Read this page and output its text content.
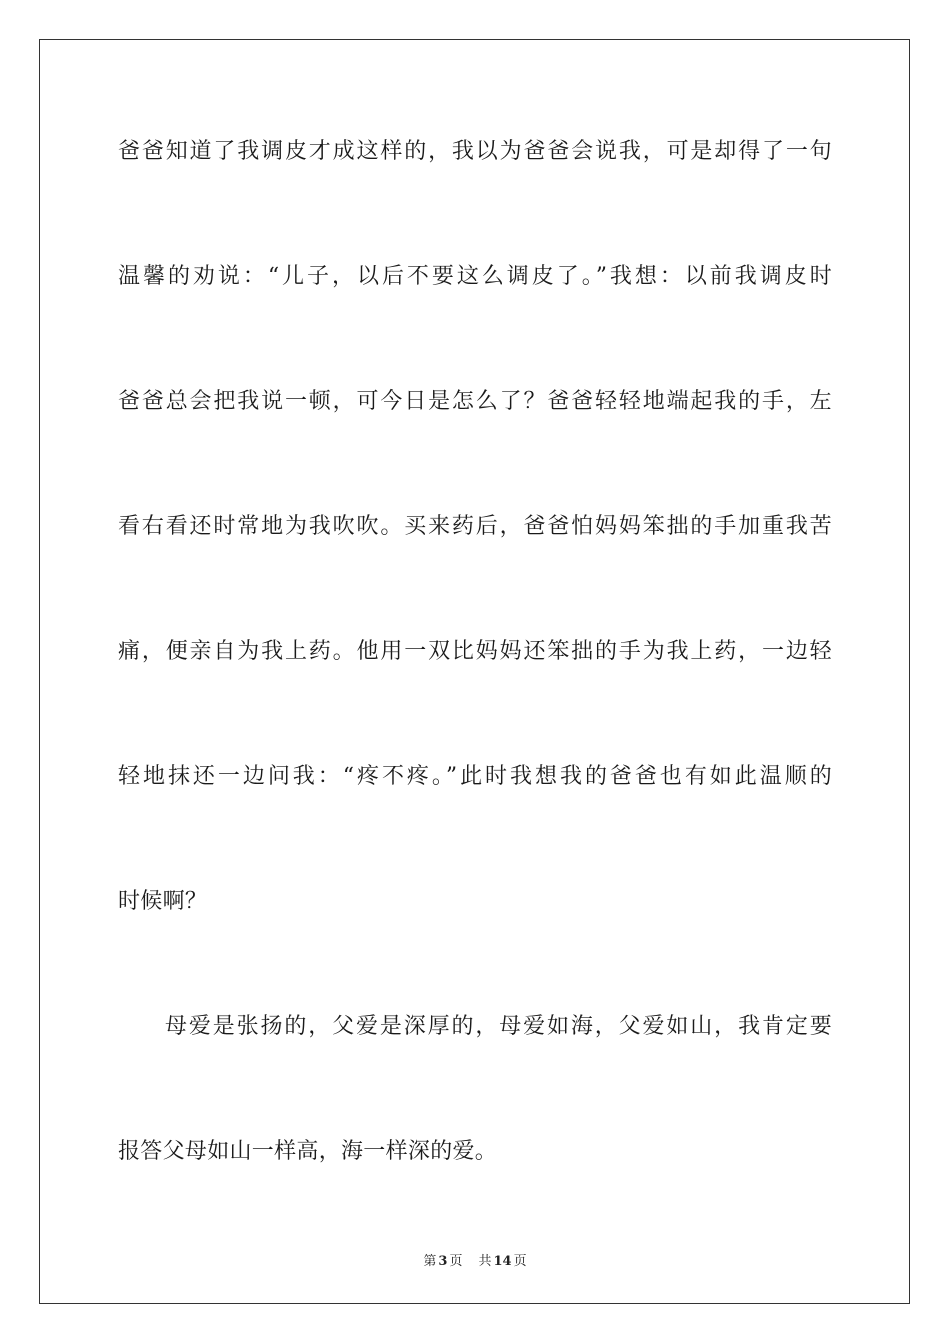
爸爸知道了我调皮才成这样的，我以为爸爸会说我，可是却得了一句
温馨的劝说：“儿子，以后不要这么调皮了。”我想：以前我调皮时
爸爸总会把我说一顿，可今日是怎么了？爸爸轻轻地端起我的手，左
看右看还时常地为我吹吹。买来药后，爸爸怕妈妈笨拙的手加重我苦
痛，便亲自为我上药。他用一双比妈妈还笨拙的手为我上药，一边轻
轻地抹还一边问我：“疼不疼。”此时我想我的爸爸也有如此温顺的
时候啊？
母爱是张扬的，父爱是深厚的，母爱如海，父爱如山，我肯定要
报答父母如山一样高，海一样深的爱。
第 3 页 共 14 页
